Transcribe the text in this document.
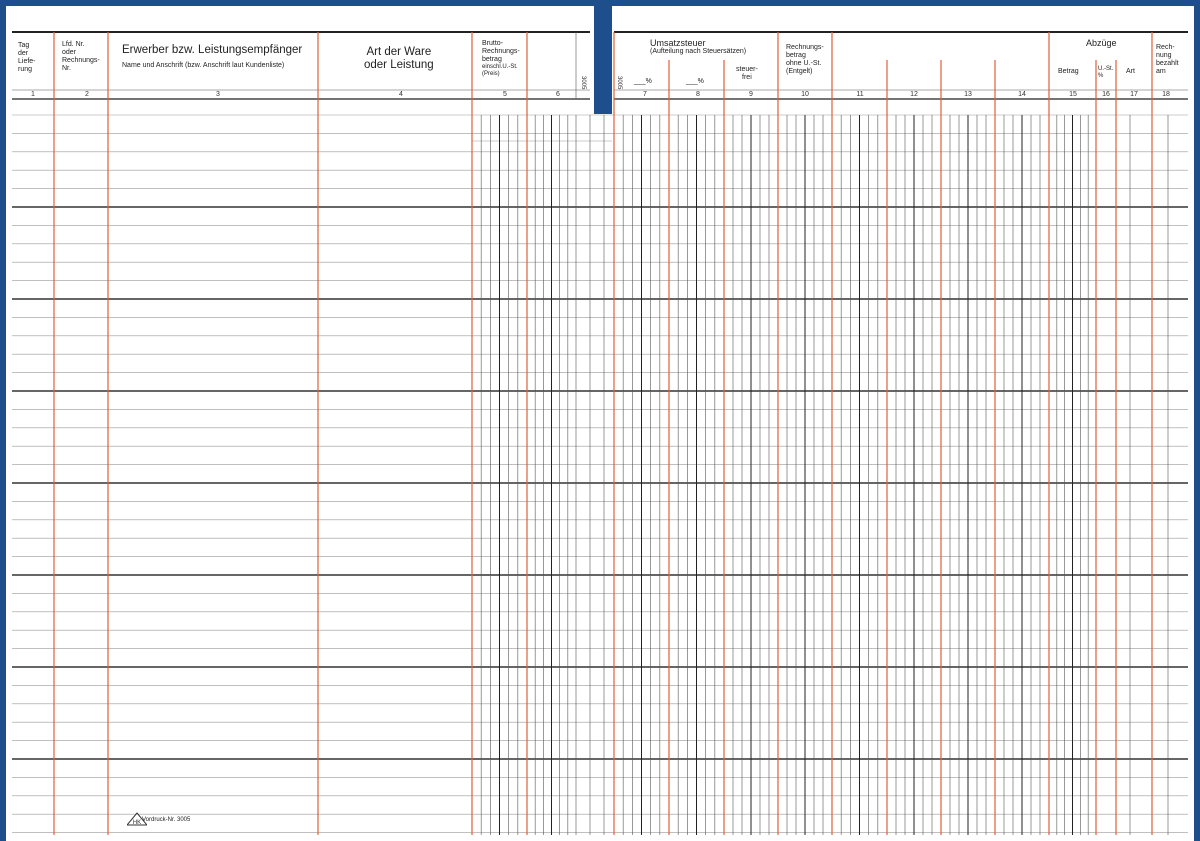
Tag
der
Liefe-
rung
Lfd. Nr.
oder
Rechnungs-
Nr.
Erwerber bzw. Leistungsempfänger
Name und Anschrift (bzw. Anschrift laut Kundenliste)
Art der Ware
oder Leistung
Brutto-
Rechnungs-
betrag
einschl.U.-St.
(Preis)
3005
1	2	3	4	5	6
3005
Umsatzsteuer
(Aufteilung nach Steuersätzen)
___%	___%
steuer-
frei
Rechnungs-
betrag
ohne U.-St.
(Entgelt)
Abzüge
Betrag	U.-St.
%
Art
Rech-
nung
bezahlt
am
7	8	9	10	11	12	13	14	15	16	17	18
HK Vordruck-Nr. 3005
